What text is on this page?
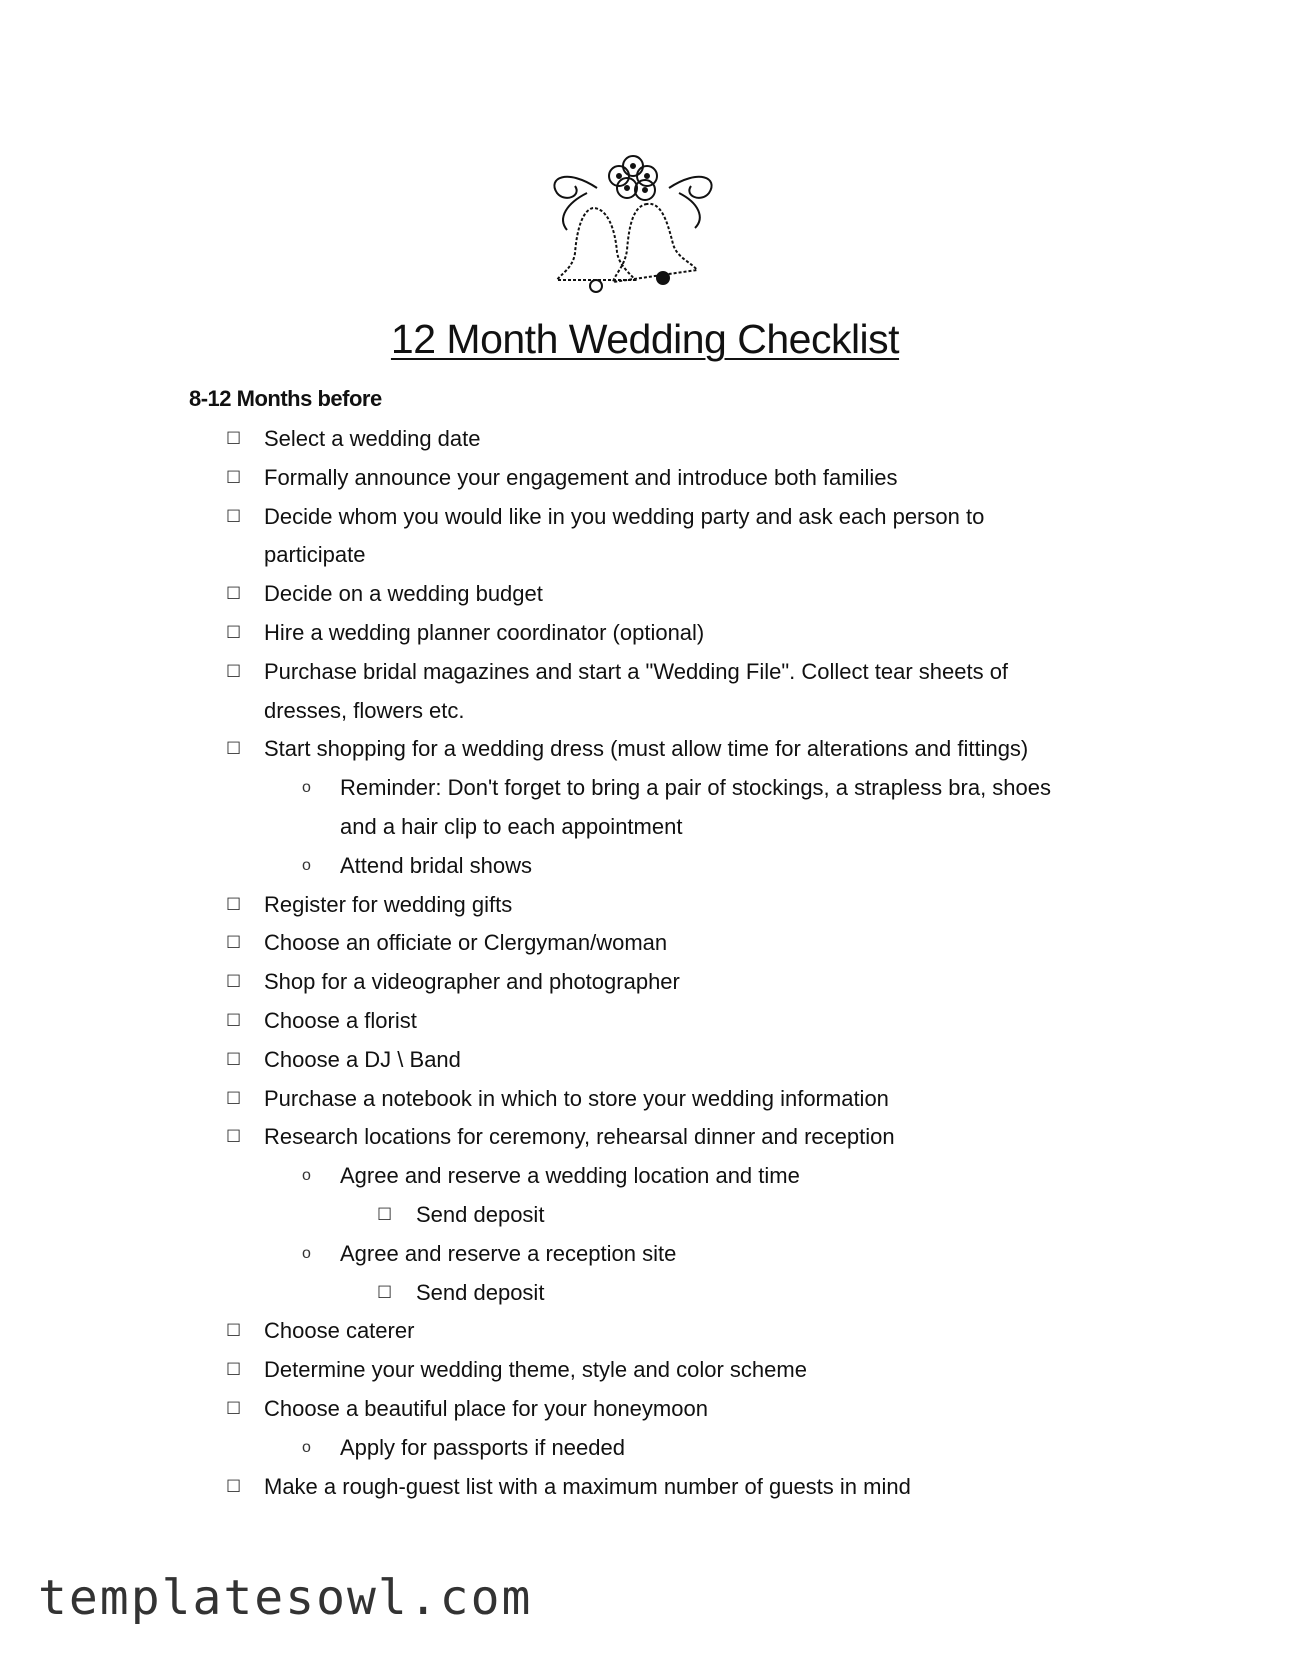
12 Month Wedding Checklist
8-12 Months before
☐ Select a wedding date
☐ Formally announce your engagement and introduce both families
☐ Decide whom you would like in you wedding party and ask each person to participate
☐ Decide on a wedding budget
☐ Hire a wedding planner coordinator (optional)
☐ Purchase bridal magazines and start a "Wedding File". Collect tear sheets of dresses, flowers etc.
☐ Start shopping for a wedding dress (must allow time for alterations and fittings)
o Reminder: Don't forget to bring a pair of stockings, a strapless bra, shoes and a hair clip to each appointment
o Attend bridal shows
☐ Register for wedding gifts
☐ Choose an officiate or Clergyman/woman
☐ Shop for a videographer and photographer
☐ Choose a florist
☐ Choose a DJ \ Band
☐ Purchase a notebook in which to store your wedding information
☐ Research locations for ceremony, rehearsal dinner and reception
o Agree and reserve a wedding location and time
☐ Send deposit
o Agree and reserve a reception site
☐ Send deposit
☐ Choose caterer
☐ Determine your wedding theme, style and color scheme
☐ Choose a beautiful place for your honeymoon
o Apply for passports if needed
☐ Make a rough-guest list with a maximum number of guests in mind
templatesowl.com
